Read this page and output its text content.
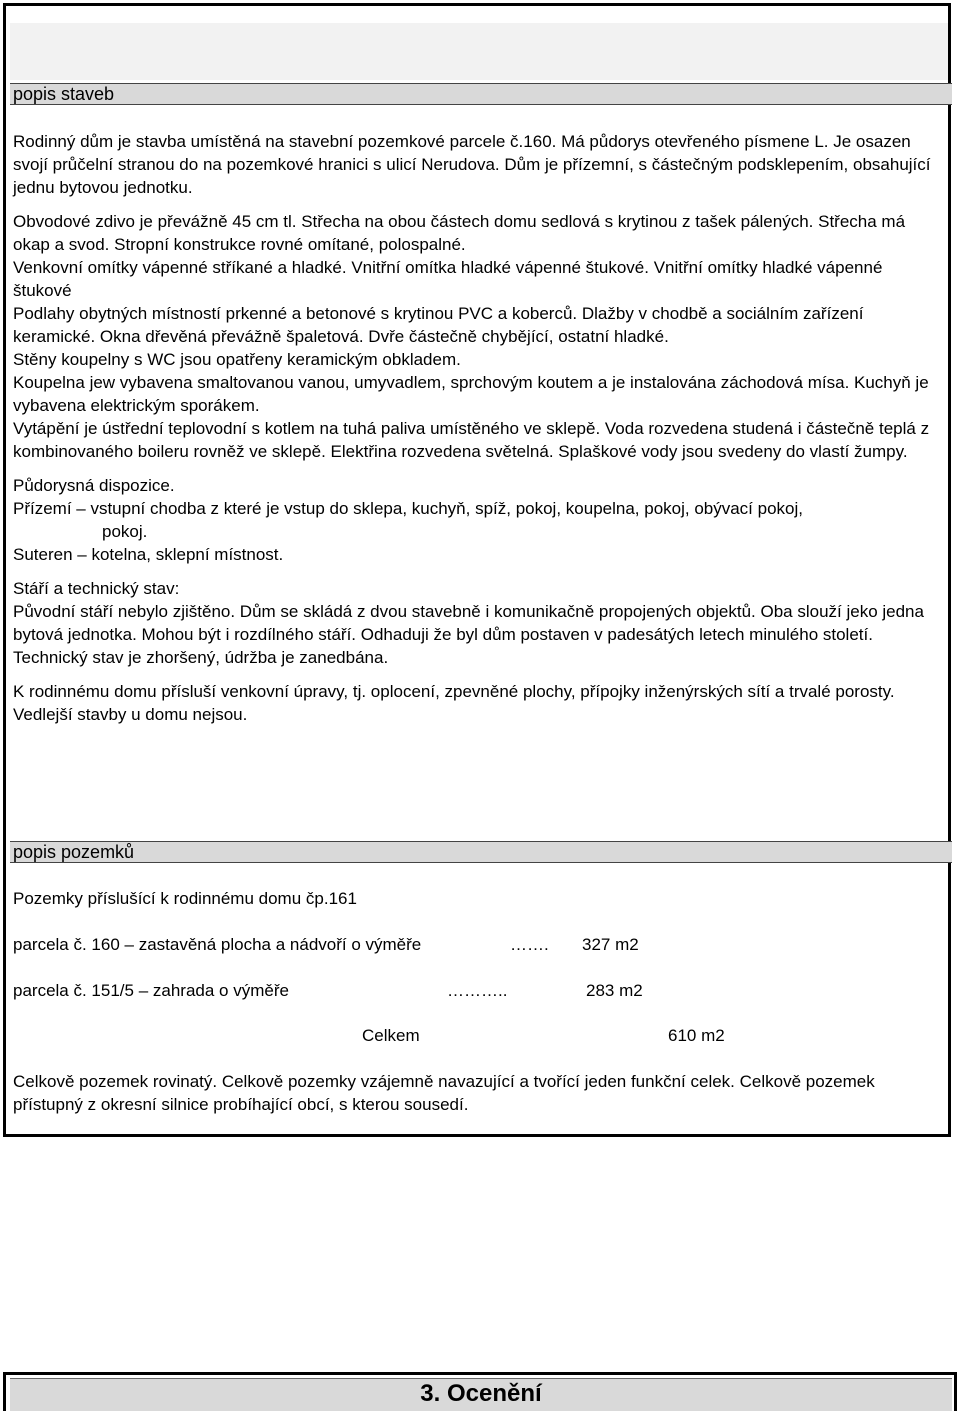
popis staveb

Rodinný dům je stavba umístěná na stavební pozemkové parcele č.160. Má půdorys otevřeného písmene L. Je osazen svojí průčelní stranou do na pozemkové hranici s ulicí Nerudova. Dům je přízemní, s částečným podsklepením, obsahující jednu bytovou jednotku.

Obvodové zdivo je převážně 45 cm tl. Střecha na obou částech domu sedlová s krytinou z tašek pálených. Střecha má okap a svod. Stropní konstrukce rovné omítané, polospalné.

Venkovní omítky vápenné stříkané a hladké. Vnitřní omítka hladké vápenné štukové. Vnitřní omítky hladké vápenné štukové

Podlahy obytných místností prkenné a betonové s krytinou PVC a koberců. Dlažby v chodbě a sociálním zařízení keramické. Okna dřevěná převážně špaletová. Dvře částečně chybějící, ostatní hladké.

Stěny koupelny s WC jsou opatřeny keramickým obkladem.

Koupelna jew vybavena smaltovanou vanou, umyvadlem, sprchovým koutem a je instalována záchodová mísa. Kuchyň je vybavena elektrickým sporákem.

Vytápění je ústřední teplovodní s kotlem na tuhá paliva umístěného ve sklepě. Voda rozvedena studená i částečně teplá z kombinovaného boileru rovněž ve sklepě. Elektřina rozvedena světelná. Splaškové vody jsou svedeny do vlastí žumpy.

Půdorysná dispozice.

Přízemí – vstupní chodba z které je vstup do sklepa, kuchyň, spíž, pokoj, koupelna, pokoj, obývací pokoj,

pokoj.

Suteren – kotelna, sklepní místnost.

Stáří a technický stav:

Původní stáří nebylo zjištěno. Dům se skládá z dvou stavebně i komunikačně propojených objektů. Oba slouží jeko jedna bytová jednotka. Mohou být i rozdílného stáří. Odhaduji že byl dům postaven v padesátých letech minulého století.

Technický stav je zhoršený, údržba je zanedbána.

K rodinnému domu přísluší venkovní úpravy, tj. oplocení, zpevněné plochy, přípojky inženýrských sítí a trvalé porosty. Vedlejší stavby u domu nejsou.

popis pozemků
Pozemky příslušící k rodinnému domu čp.161
parcela č. 160 – zastavěná plocha a nádvoří o výměře	……. 327 m2
parcela č. 151/5 – zahrada o výměře	………..	283 m2
Celkem	610 m2
Celkově pozemek rovinatý. Celkově pozemky vzájemně navazující a tvořící jeden funkční celek. Celkově pozemek přístupný z okresní silnice probíhající obcí, s kterou sousedí.
3. Ocenění
